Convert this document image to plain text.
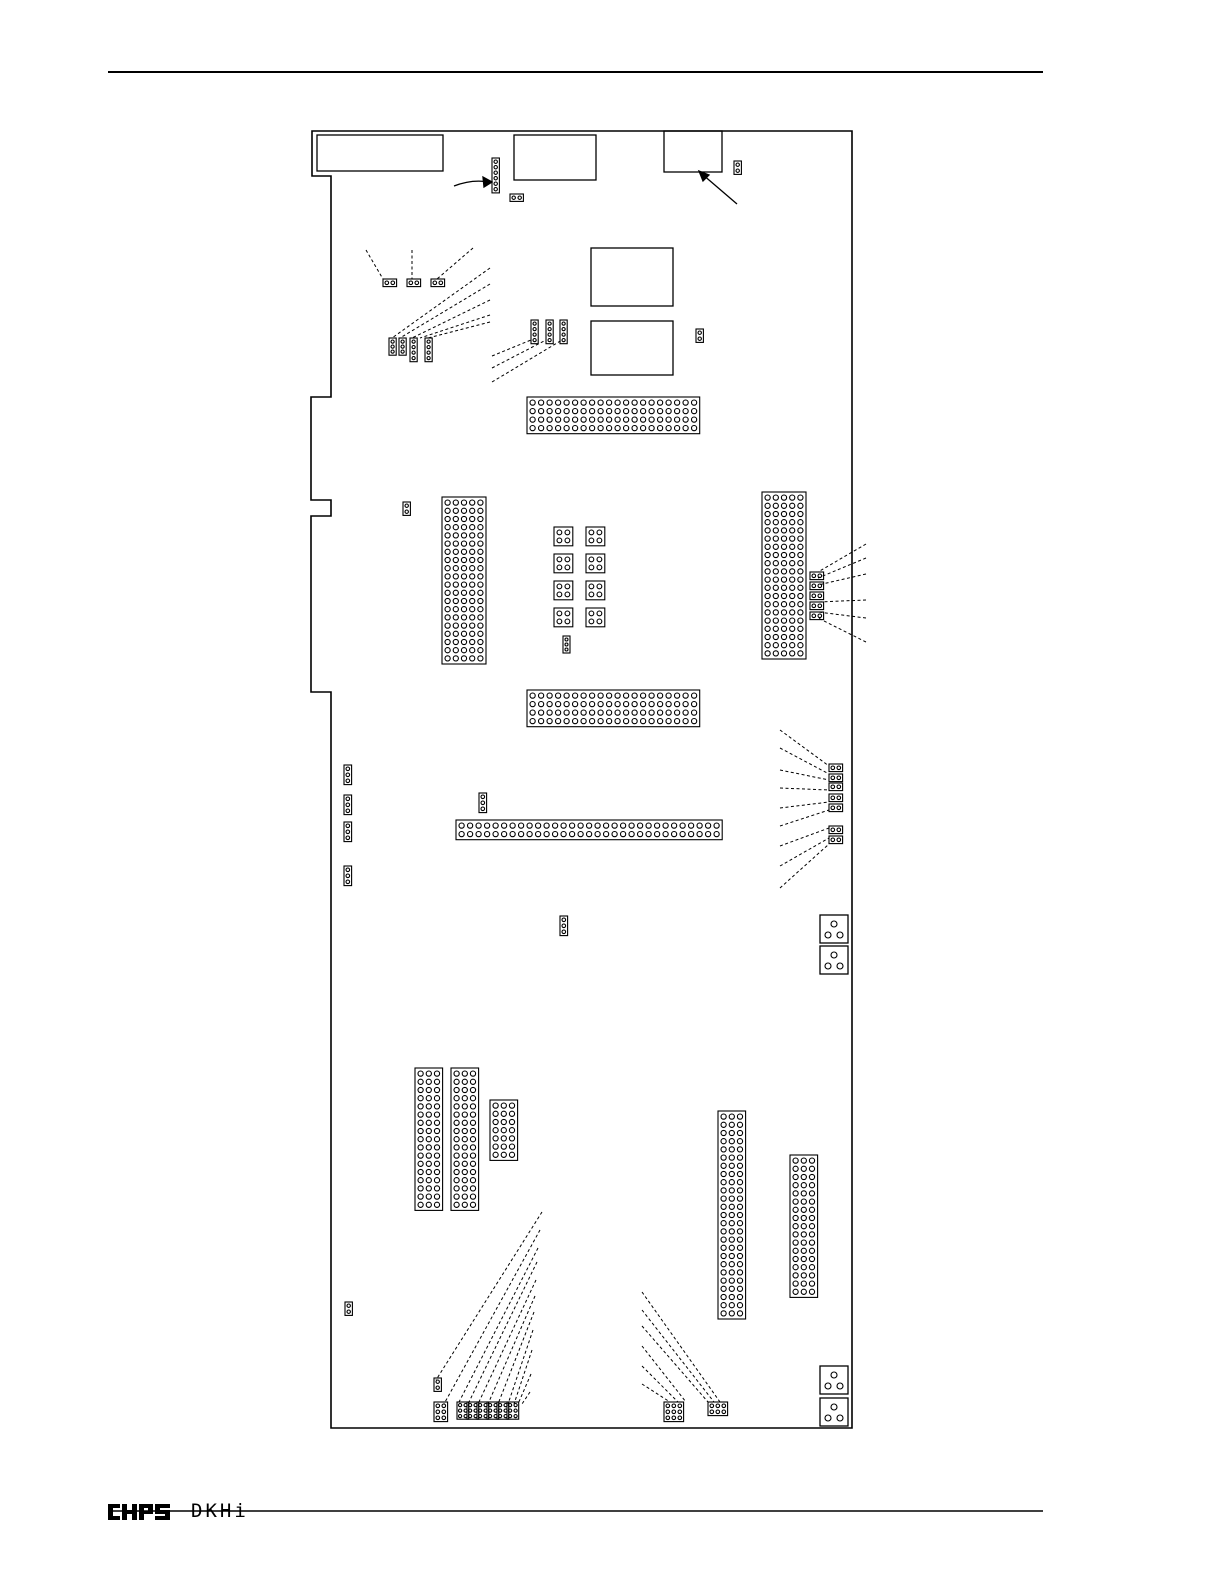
DKHi
